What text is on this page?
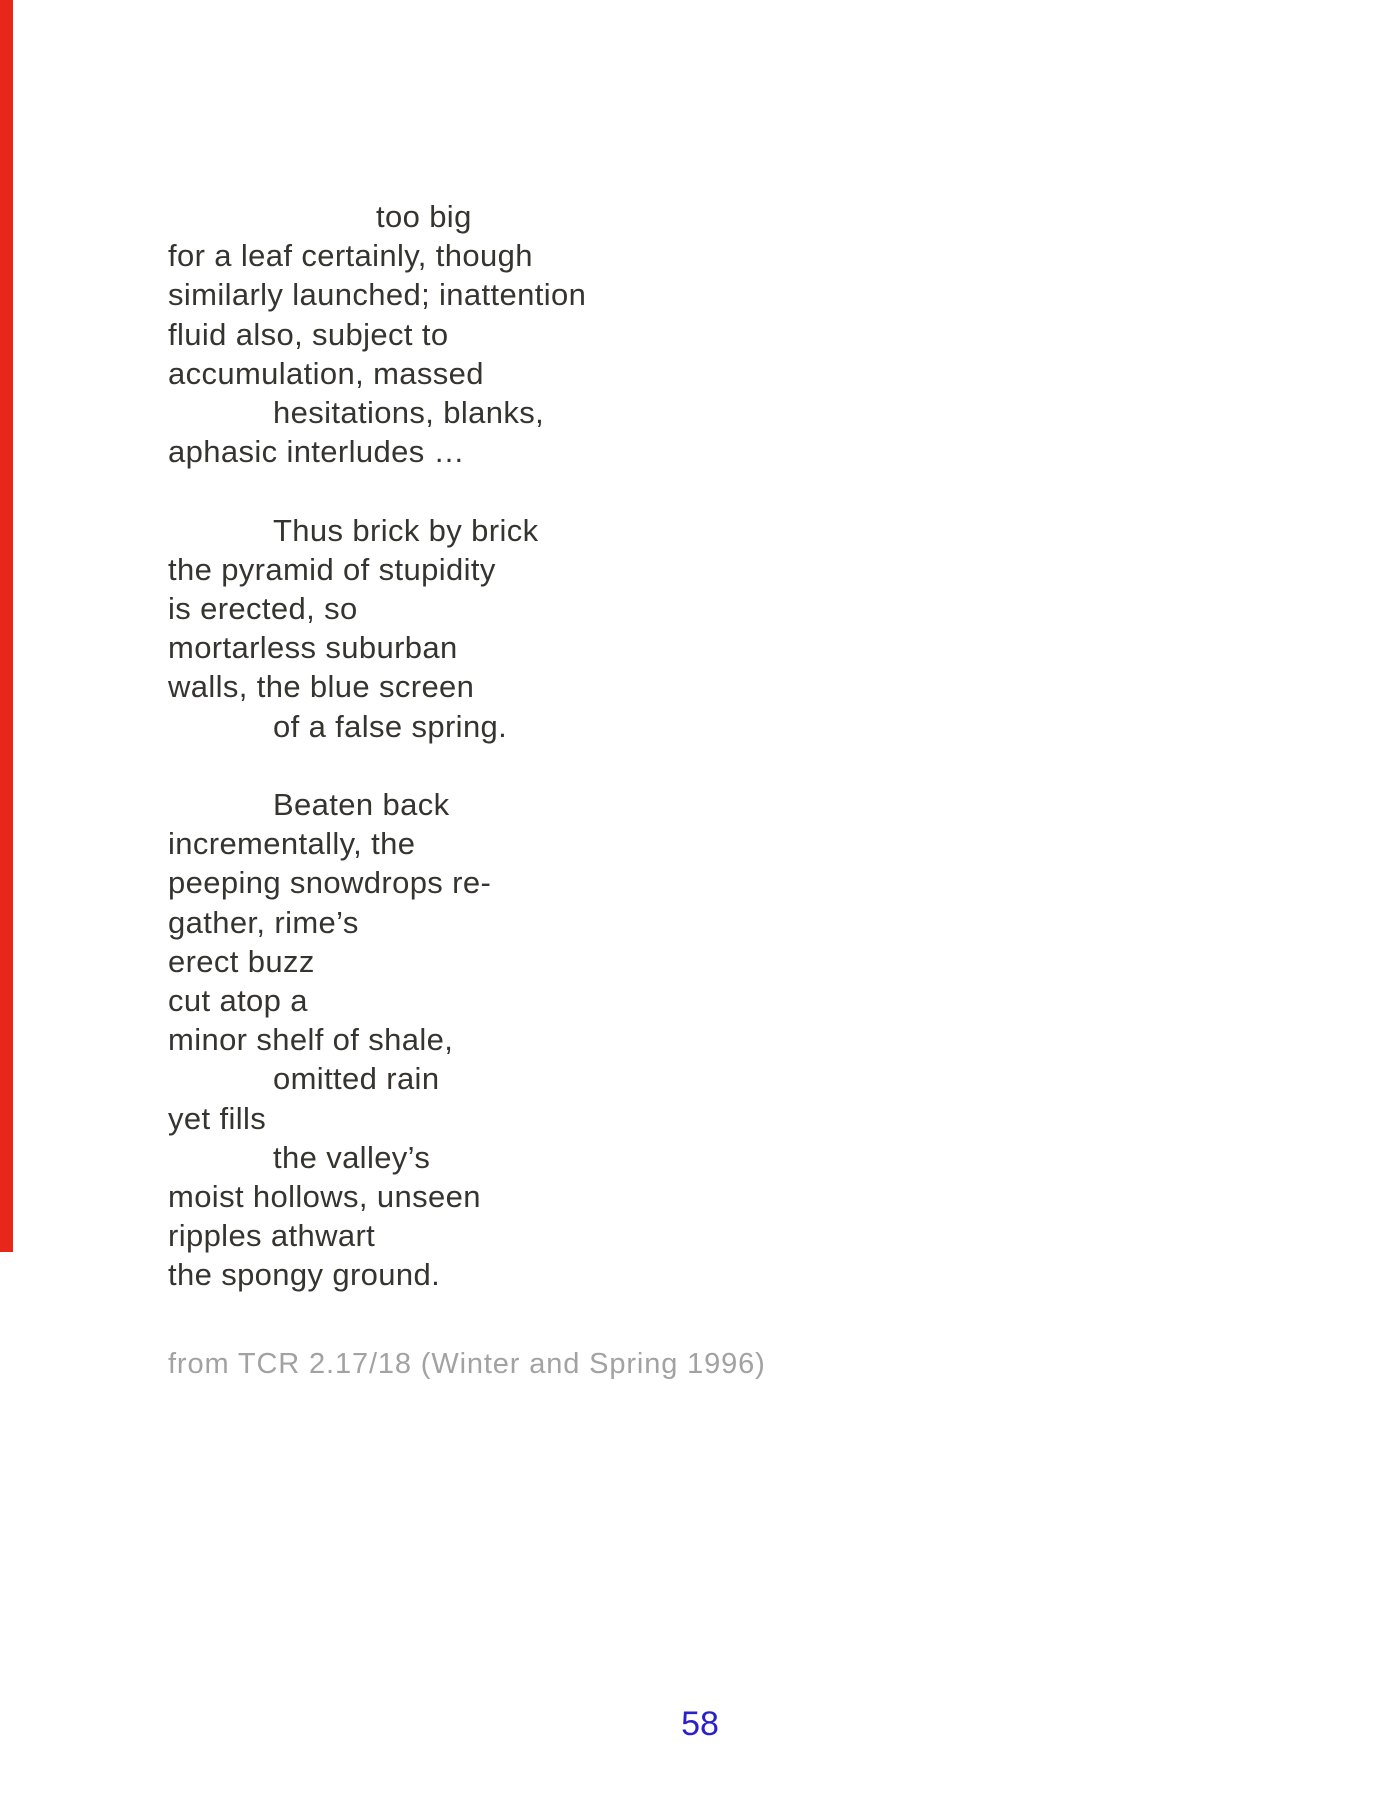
too big
for a leaf certainly, though
similarly launched; inattention
fluid also, subject to
accumulation, massed
hesitations, blanks,
aphasic interludes …
Thus brick by brick
the pyramid of stupidity
is erected, so
mortarless suburban
walls, the blue screen
of a false spring.
Beaten back
incrementally, the
peeping snowdrops re-
gather, rime’s
erect buzz
cut atop a
minor shelf of shale,
omitted rain
yet fills
the valley’s
moist hollows, unseen
ripples athwart
the spongy ground.
from TCR 2.17/18 (Winter and Spring 1996)
58
